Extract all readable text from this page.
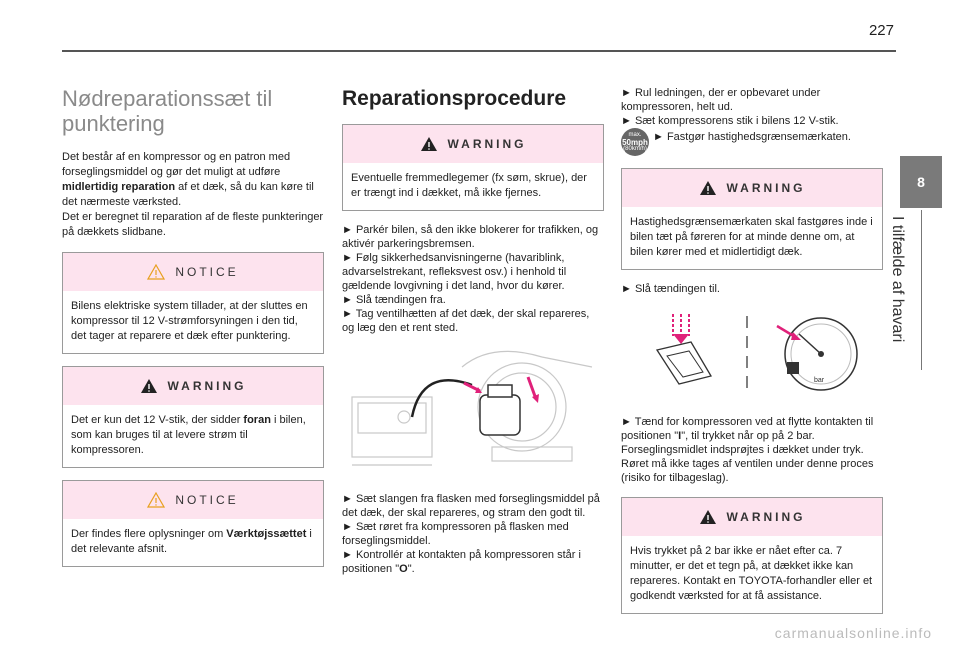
227
8
I tilfælde af havari
Nødreparationssæt til punktering

Det består af en kompressor og en patron med forseglingsmiddel og gør det muligt at udføre midlertidig reparation af et dæk, så du kan køre til det nærmeste værksted.
Det er beregnet til reparation af de fleste punkteringer på dækkets slidbane.

NOTICE
Bilens elektriske system tillader, at der sluttes en kompressor til 12 V-strømforsyningen i den tid, det tager at reparere et dæk efter punktering.
WARNING
Det er kun det 12 V-stik, der sidder foran i bilen, som kan bruges til at levere strøm til kompressoren.
NOTICE
Der findes flere oplysninger om Værktøjssættet i det relevante afsnit.
Reparationsprocedure
WARNING
Eventuelle fremmedlegemer (fx søm, skrue), der er trængt ind i dækket, må ikke fjernes.
► Parkér bilen, så den ikke blokerer for trafikken, og aktivér parkeringsbremsen.
► Følg sikkerhedsanvisningerne (havariblink, advarselstrekant, refleksvest osv.) i henhold til gældende lovgivning i det land, hvor du kører.
► Slå tændingen fra.
► Tag ventilhætten af det dæk, der skal repareres, og læg den et rent sted.
► Sæt slangen fra flasken med forseglingsmiddel på det dæk, der skal repareres, og stram den godt til.
► Sæt røret fra kompressoren på flasken med forseglingsmiddel.
► Kontrollér at kontakten på kompressoren står i positionen "O".
► Rul ledningen, der er opbevaret under kompressoren, helt ud.
► Sæt kompressorens stik i bilens 12 V-stik.
max.
50mph
(80km/h)
► Fastgør hastighedsgrænsemærkaten.
WARNING
Hastighedsgrænsemærkaten skal fastgøres inde i bilen tæt på føreren for at minde denne om, at bilen kører med et midlertidigt dæk.
► Slå tændingen til.
bar
► Tænd for kompressoren ved at flytte kontakten til positionen "I", til trykket når op på 2 bar. Forseglingsmidlet indsprøjtes i dækket under tryk. Røret må ikke tages af ventilen under denne proces (risiko for tilbageslag).
WARNING
Hvis trykket på 2 bar ikke er nået efter ca. 7 minutter, er det et tegn på, at dækket ikke kan repareres. Kontakt en TOYOTA-forhandler eller et godkendt værksted for at få assistance.
carmanualsonline.info
